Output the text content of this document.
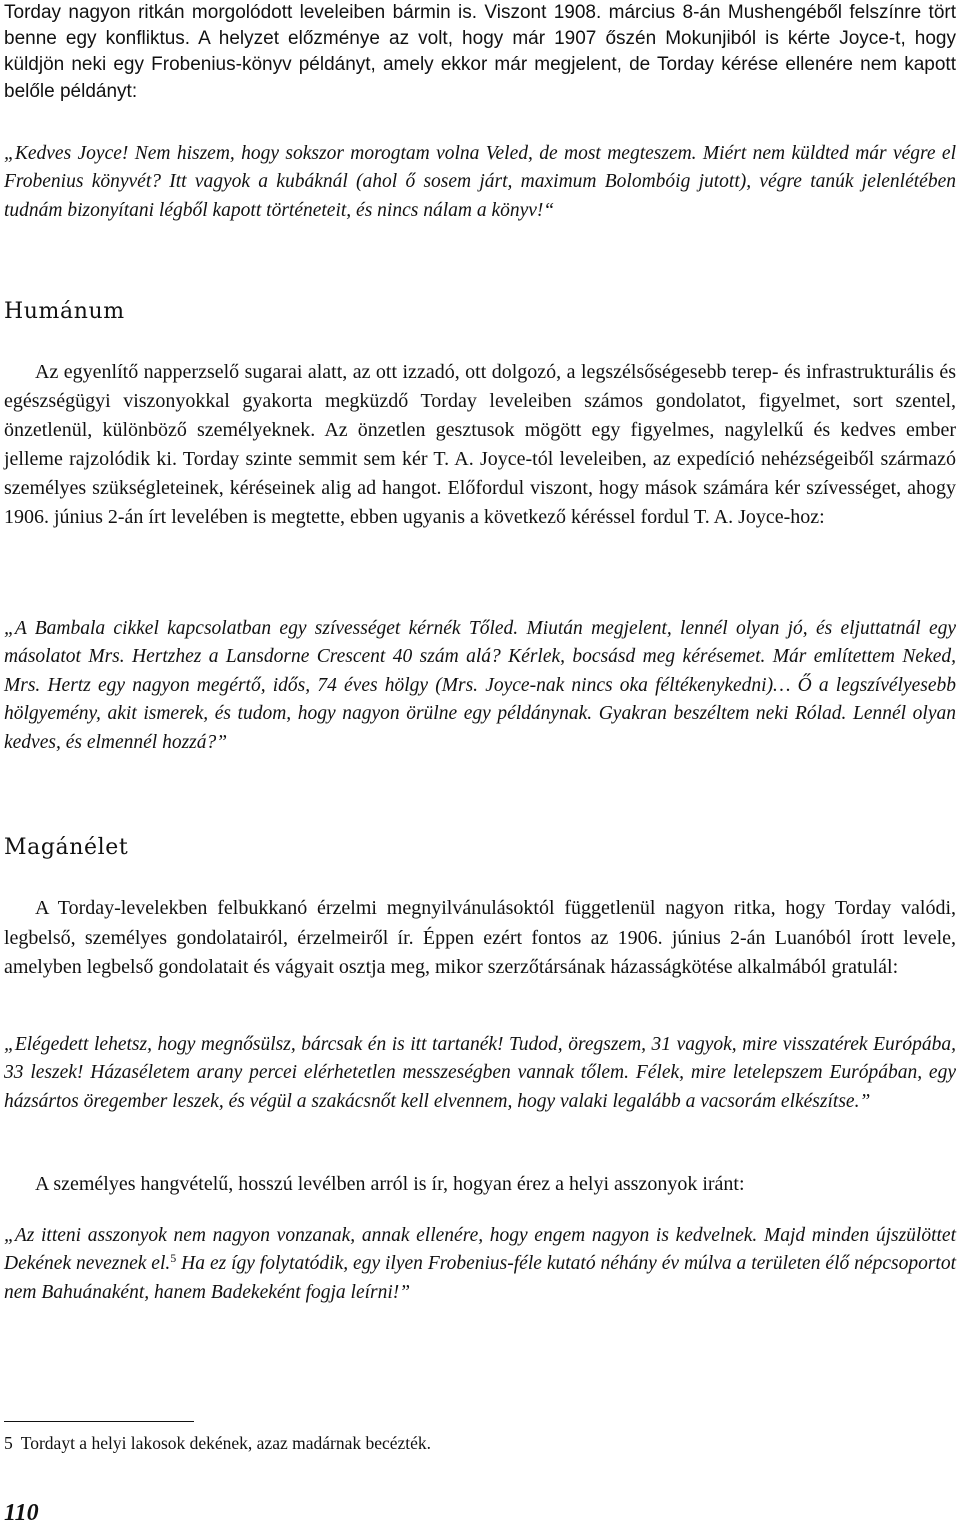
Torday nagyon ritkán morgolódott leveleiben bármin is. Viszont 1908. március 8-án Mushengéből felszínre tört benne egy konfliktus. A helyzet előzménye az volt, hogy már 1907 őszén Mokunjiból is kérte Joyce-t, hogy küldjön neki egy Frobenius-könyv példányt, amely ekkor már megjelent, de Torday kérése ellenére nem kapott belőle példányt:

„Kedves Joyce! Nem hiszem, hogy sokszor morogtam volna Veled, de most megteszem. Miért nem küldted már végre el Frobenius könyvét? Itt vagyok a kubáknál (ahol ő sosem járt, maximum Bolombóig jutott), végre tanúk jelenlétében tudnám bizonyítani légből kapott történeteit, és nincs nálam a könyv!“

Humánum

Az egyenlítő napperzselő sugarai alatt, az ott izzadó, ott dolgozó, a legszélsőségesebb terep- és infrastrukturális és egészségügyi viszonyokkal gyakorta megküzdő Torday leveleiben számos gondolatot, figyelmet, sort szentel, önzetlenül, különböző személyeknek. Az önzetlen gesztusok mögött egy figyelmes, nagylelkű és kedves ember jelleme rajzolódik ki. Torday szinte semmit sem kér T. A. Joyce-tól leveleiben, az expedíció nehézségeiből származó személyes szükségleteinek, kéréseinek alig ad hangot. Előfordul viszont, hogy mások számára kér szívességet, ahogy 1906. június 2-án írt levelében is megtette, ebben ugyanis a következő kéréssel fordul T. A. Joyce-hoz:

„A Bambala cikkel kapcsolatban egy szívességet kérnék Tőled. Miután megjelent, lennél olyan jó, és eljuttatnál egy másolatot Mrs. Hertzhez a Lansdorne Crescent 40 szám alá? Kérlek, bocsásd meg kérésemet. Már említettem Neked, Mrs. Hertz egy nagyon megértő, idős, 74 éves hölgy (Mrs. Joyce-nak nincs oka féltékenykedni)… Ő a legszívélyesebb hölgyemény, akit ismerek, és tudom, hogy nagyon örülne egy példánynak. Gyakran beszéltem neki Rólad. Lennél olyan kedves, és elmennél hozzá?”

Magánélet

A Torday-levelekben felbukkanó érzelmi megnyilvánulásoktól függetlenül nagyon ritka, hogy Torday valódi, legbelső, személyes gondolatairól, érzelmeiről ír. Éppen ezért fontos az 1906. június 2-án Luanóból írott levele, amelyben legbelső gondolatait és vágyait osztja meg, mikor szerzőtársának házasságkötése alkalmából gratulál:

„Elégedett lehetsz, hogy megnősülsz, bárcsak én is itt tartanék! Tudod, öregszem, 31 vagyok, mire visszatérek Európába, 33 leszek! Házaséletem arany percei elérhetetlen messzeségben vannak tőlem. Félek, mire letelepszem Európában, egy házsártos öregember leszek, és végül a szakácsnőt kell elvennem, hogy valaki legalább a vacsorám elkészítse.”

A személyes hangvételű, hosszú levélben arról is ír, hogyan érez a helyi asszonyok iránt:

„Az itteni asszonyok nem nagyon vonzanak, annak ellenére, hogy engem nagyon is kedvelnek. Majd minden újszülöttet Dekének neveznek el.$^5$ Ha ez így folytatódik, egy ilyen Frobenius-féle kutató néhány év múlva a területen élő népcsoportot nem Bahuánaként, hanem Badekeként fogja leírni!”

5 Tordayt a helyi lakosok dekének, azaz madárnak becézték.

110
